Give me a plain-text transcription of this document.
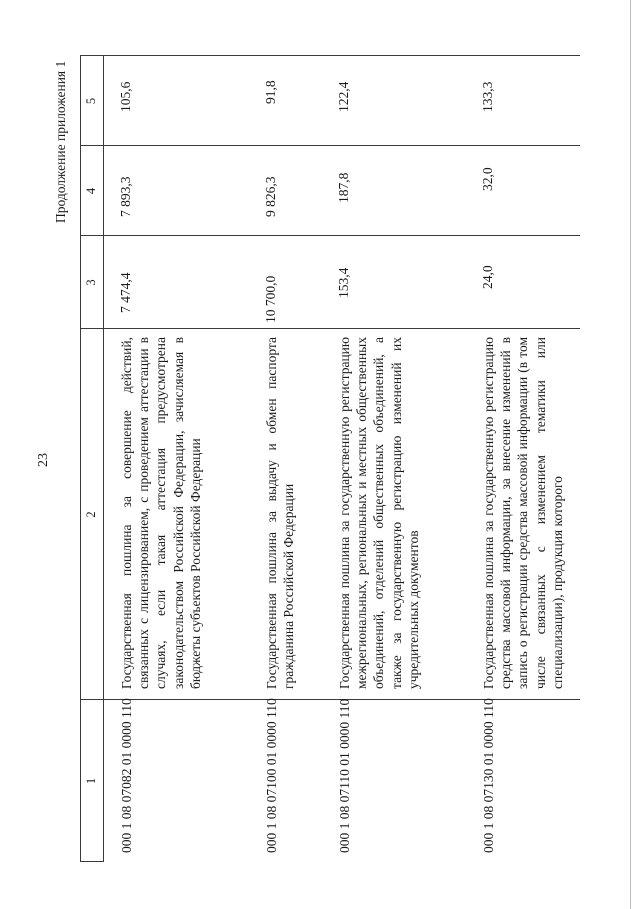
23
Продолжение приложения 1
1
2
3
4
5
000 1 08 07082 01 0000 110
Государственная пошлина за совершение действий, связанных с лицензированием, с проведением аттестации в случаях, если такая аттестация предусмотрена законодательством Российской Федерации, зачисляемая в бюджеты субъектов Российской Федерации
7 474,4
7 893,3
105,6
000 1 08 07100 01 0000 110
Государственная пошлина за выдачу и обмен паспорта гражданина Российской Федерации
10 700,0
9 826,3
91,8
000 1 08 07110 01 0000 110
Государственная пошлина за государственную регистрацию межрегиональных, региональных и местных общественных объединений, отделений общественных объединений, а также за государственную регистрацию изменений их учредительных документов
153,4
187,8
122,4
000 1 08 07130 01 0000 110
Государственная пошлина за государственную регистрацию средства массовой информации, за внесение изменений в запись о регистрации средства массовой информации (в том числе связанных с изменением тематики или специализации), продукция которого
24,0
32,0
133,3
